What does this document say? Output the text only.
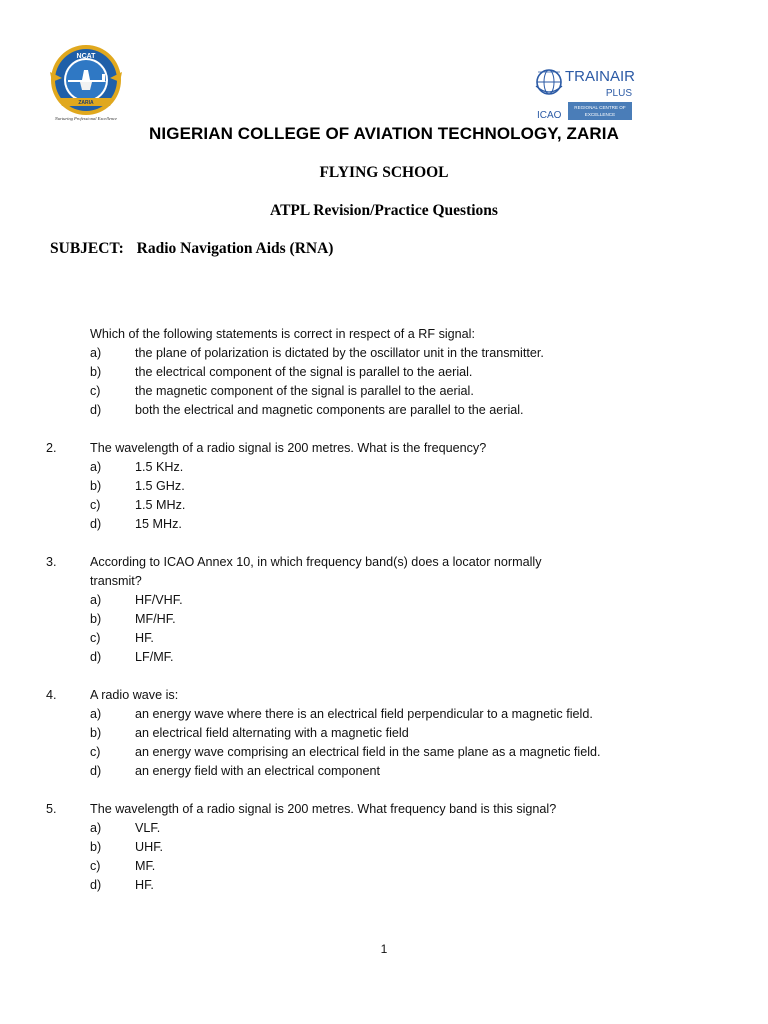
NCAT
ZARIA
Nurturing Professional Excellence
TRAINAIR
PLUS
ICAO
REGIONAL CENTRE OF
EXCELLENCE
NIGERIAN COLLEGE OF AVIATION TECHNOLOGY, ZARIA
FLYING SCHOOL
ATPL Revision/Practice Questions
SUBJECT: Radio Navigation Aids (RNA)
Which of the following statements is correct in respect of a RF signal:
a)	the plane of polarization is dictated by the oscillator unit in the transmitter.
b)	the electrical component of the signal is parallel to the aerial.
c)	the magnetic component of the signal is parallel to the aerial.
d)	both the electrical and magnetic components are parallel to the aerial.
2.	The wavelength of a radio signal is 200 metres. What is the frequency?
a)	1.5 KHz.
b)	1.5 GHz.
c)	1.5 MHz.
d)	15 MHz.
3.	According to ICAO Annex 10, in which frequency band(s) does a locator normally transmit?
a)	HF/VHF.
b)	MF/HF.
c)	HF.
d)	LF/MF.
4.	A radio wave is:
a)	an energy wave where there is an electrical field perpendicular to a magnetic field.
b)	an electrical field alternating with a magnetic field
c)	an energy wave comprising an electrical field in the same plane as a magnetic field.
d)	an energy field with an electrical component
5.	The wavelength of a radio signal is 200 metres. What frequency band is this signal?
a)	VLF.
b)	UHF.
c)	MF.
d)	HF.
1
